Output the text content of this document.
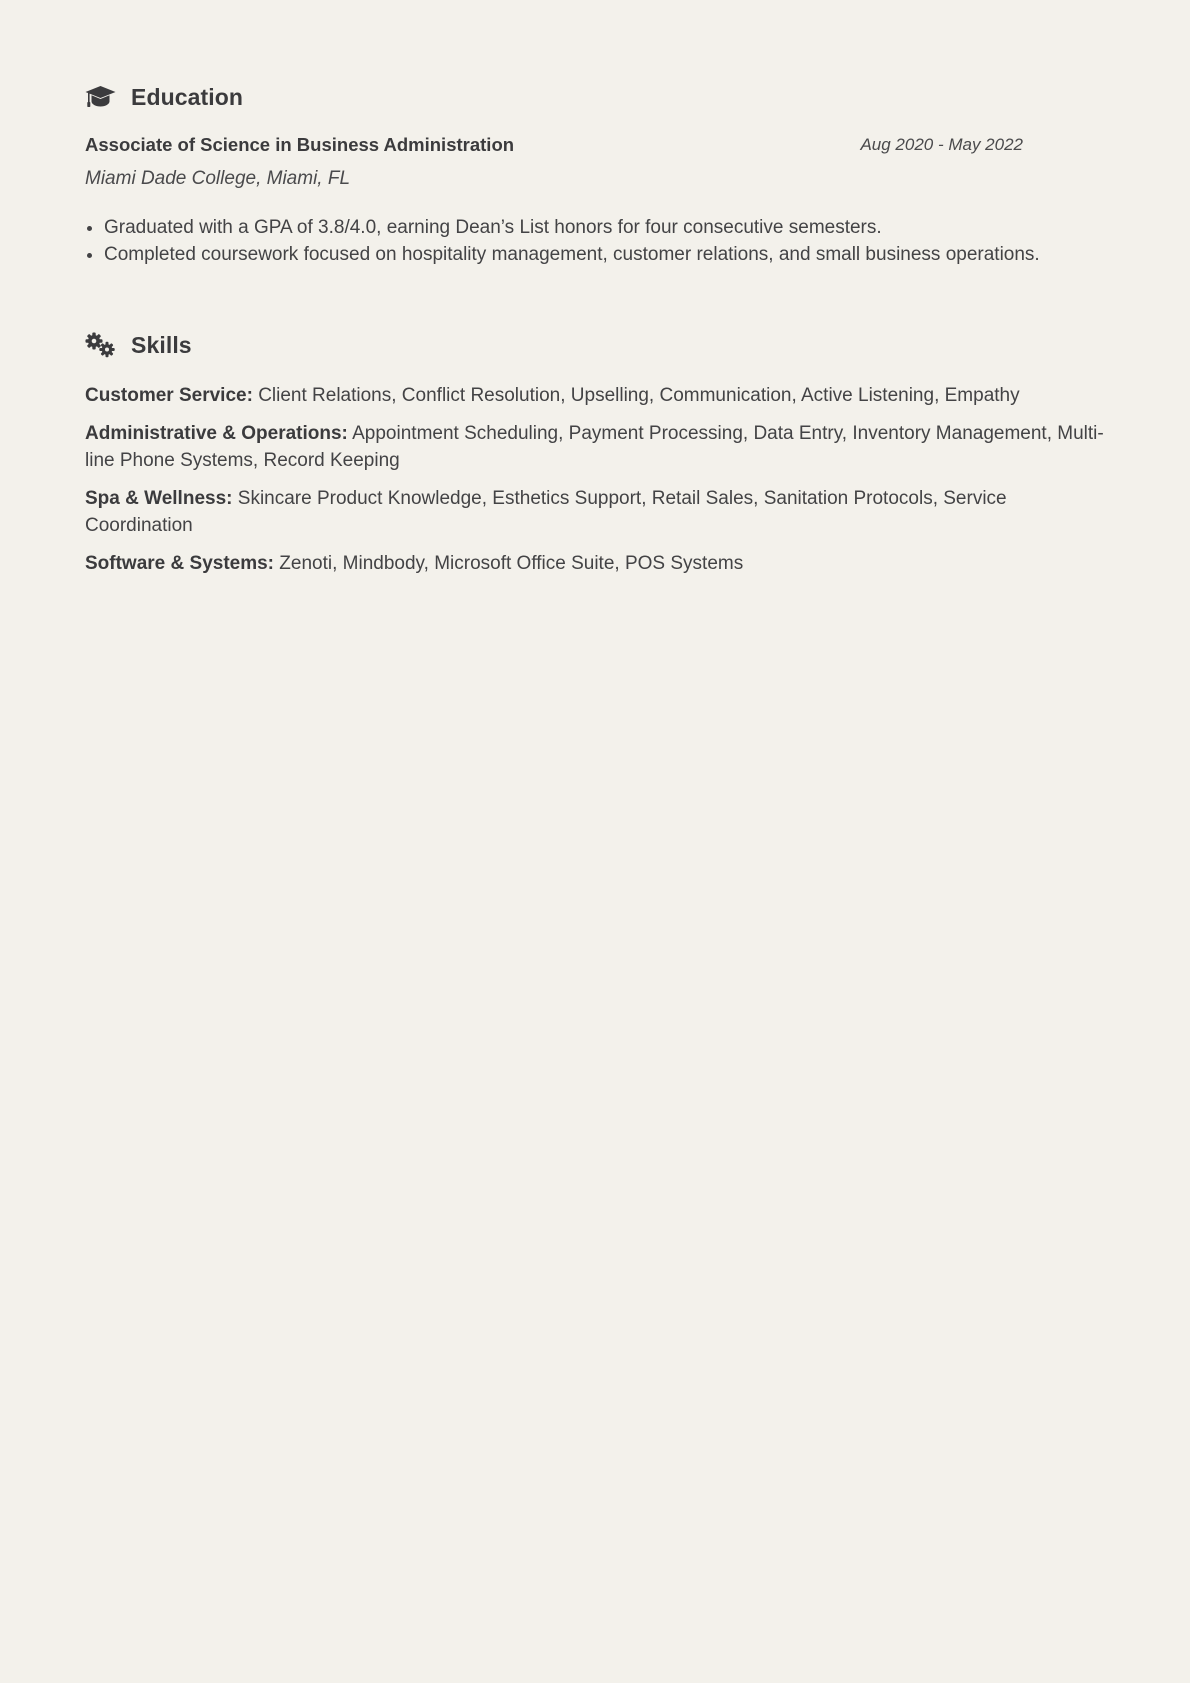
Education
Associate of Science in Business Administration	Aug 2020 - May 2022
Miami Dade College, Miami, FL
Graduated with a GPA of 3.8/4.0, earning Dean’s List honors for four consecutive semesters.
Completed coursework focused on hospitality management, customer relations, and small business operations.
Skills
Customer Service: Client Relations, Conflict Resolution, Upselling, Communication, Active Listening, Empathy
Administrative & Operations: Appointment Scheduling, Payment Processing, Data Entry, Inventory Management, Multi-line Phone Systems, Record Keeping
Spa & Wellness: Skincare Product Knowledge, Esthetics Support, Retail Sales, Sanitation Protocols, Service Coordination
Software & Systems: Zenoti, Mindbody, Microsoft Office Suite, POS Systems
